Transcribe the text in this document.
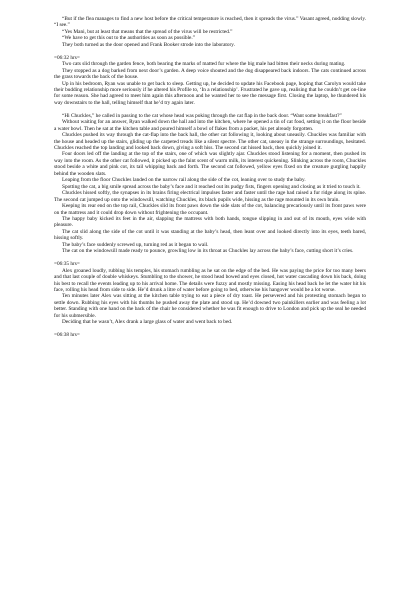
“But if the flea manages to find a new host before the critical temperature is reached, then it spreads the virus.” Vasant agreed, nodding slowly. “I see.”

“Yes Mani, but at least that means that the spread of the virus will be restricted.”

“We have to get this out to the authorities as soon as possible.”

They both turned as the door opened and Frank Booker strode into the laboratory.

=06:32 hrs=

Two cats slid through the garden fence, both bearing the marks of matted fur where the big male had bitten their necks during mating.

They stopped as a dog barked from next door’s garden. A deep voice shouted and the dog disappeared back indoors. The cats continued across the grass towards the back of the house.

Up in his bedroom, Ryan was unable to get back to sleep. Getting up, he decided to update his Facebook page, hoping that Carolyn would take their budding relationship more seriously if he altered his Profile to, ‘In a relationship’. Frustrated he gave up, realising that he couldn’t get on-line for some reason. She had agreed to meet him again this afternoon and he wanted her to see the message first. Closing the laptop, he thundered his way downstairs to the hall, telling himself that he’d try again later.

“Hi Chuckles,” he called in passing to the cat whose head was poking through the cat flap in the back door. “Want some breakfast?”

Without waiting for an answer, Ryan walked down the hall and into the kitchen, where he opened a tin of cat food, setting it on the floor beside a water bowl. Then he sat at the kitchen table and poured himself a bowl of flakes from a packet, his pet already forgotten.

Chuckles pushed its way through the cat-flap into the back hall, the other cat following it, looking about uneasily. Chuckles was familiar with the house and headed up the stairs, gliding up the carpeted treads like a silent spectre. The other cat, uneasy in the strange surroundings, hesitated. Chuckles reached the top landing and looked back down, giving a soft hiss. The second cat hissed back, then quickly joined it.

Four doors led off the landing at the top of the stairs, one of which was slightly ajar. Chuckles stood listening for a moment, then pushed its way into the room. As the other cat followed, it picked up the faint scent of warm milk, its interest quickening. Slinking across the room, Chuckles stood beside a white and pink cot, its tail whipping back and forth. The second cat followed, yellow eyes fixed on the creature gurgling happily behind the wooden slats.

Leaping from the floor Chuckles landed on the narrow rail along the side of the cot, leaning over to study the baby.

Spotting the cat, a big smile spread across the baby’s face and it reached out its pudgy fists, fingers opening and closing as it tried to touch it.

Chuckles hissed softly, the synapses in its brains firing electrical impulses faster and faster until the rage had raised a fur ridge along its spine. The second cat jumped up onto the windowsill, watching Chuckles, its black pupils wide, hissing as the rage mounted in its own brain.

Keeping its rear end on the top rail, Chuckles slid its front paws down the side slats of the cot, balancing precariously until its front paws were on the mattress and it could drop down without frightening the occupant.

The happy baby kicked its feet in the air, slapping the mattress with both hands, tongue slipping in and out of its mouth, eyes wide with pleasure.

The cat slid along the side of the cot until it was standing at the baby’s head, then leant over and looked directly into its eyes, teeth bared, hissing softly.

The baby’s face suddenly screwed up, turning red as it began to wail.

The cat on the windowsill made ready to pounce, growling low in its throat as Chuckles lay across the baby’s face, cutting short it’s cries.

=06:35 hrs=

Alex groaned loudly, rubbing his temples, his stomach rumbling as he sat on the edge of the bed. He was paying the price for too many beers and that last couple of double whiskeys. Stumbling to the shower, he stood head bowed and eyes closed, hot water cascading down his back, doing his best to recall the events leading up to his arrival home. The details were fuzzy and mostly missing. Easing his head back he let the water hit his face, rolling his head from side to side. He’d drunk a litre of water before going to bed, otherwise his hangover would be a lot worse.

Ten minutes later Alex was sitting at the kitchen table trying to eat a piece of dry toast. He persevered and his protesting stomach began to settle down. Rubbing his eyes with his thumbs he pushed away the plate and stood up. He’d downed two painkillers earlier and was feeling a lot better. Standing with one hand on the back of the chair he considered whether he was fit enough to drive to London and pick up the seal he needed for his submersible.

Deciding that he wasn’t, Alex drank a large glass of water and went back to bed.

=06:38 hrs=
